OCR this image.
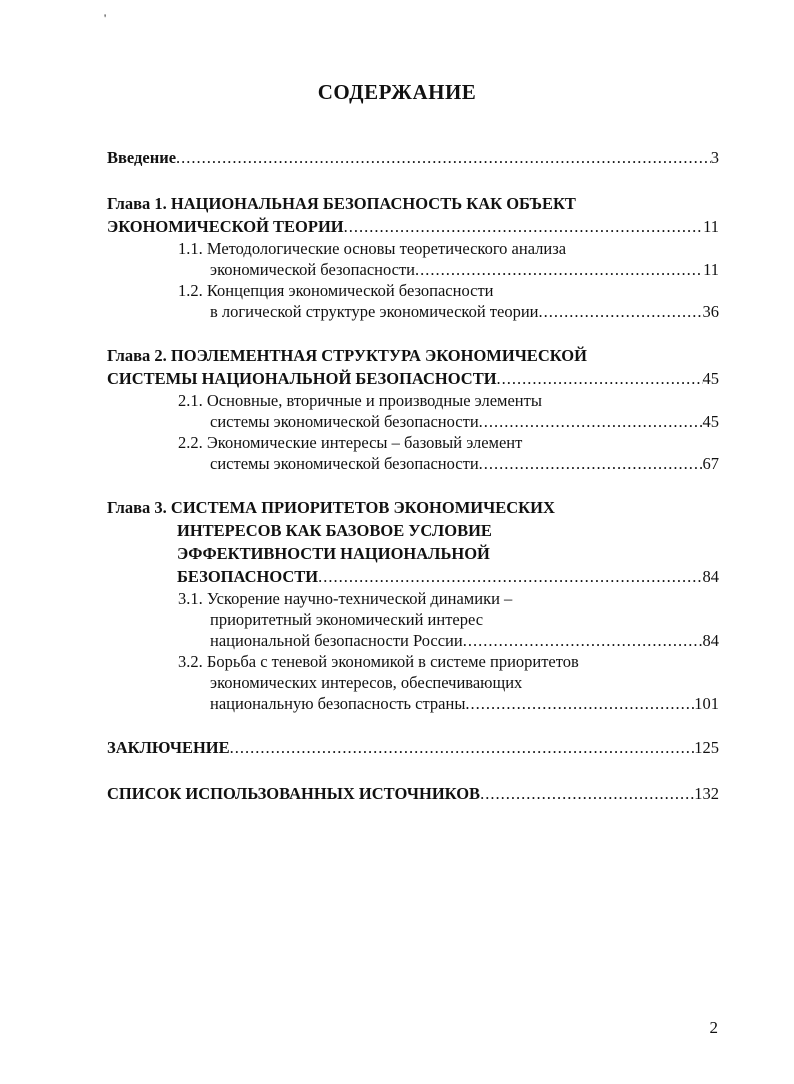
'
СОДЕРЖАНИЕ
Введение .....	3
Глава 1. НАЦИОНАЛЬНАЯ БЕЗОПАСНОСТЬ КАК ОБЪЕКТ
ЭКОНОМИЧЕСКОЙ ТЕОРИИ .....	11
1.1. Методологические основы теоретического анализа
экономической безопасности .....	11
1.2. Концепция экономической безопасности
в логической структуре экономической теории .....	36
Глава 2. ПОЭЛЕМЕНТНАЯ СТРУКТУРА ЭКОНОМИЧЕСКОЙ
СИСТЕМЫ НАЦИОНАЛЬНОЙ БЕЗОПАСНОСТИ .....	45
2.1. Основные, вторичные и производные элементы
системы экономической безопасности .....	45
2.2. Экономические интересы – базовый элемент
системы экономической безопасности .....	67
Глава 3. СИСТЕМА ПРИОРИТЕТОВ ЭКОНОМИЧЕСКИХ
ИНТЕРЕСОВ КАК БАЗОВОЕ УСЛОВИЕ
ЭФФЕКТИВНОСТИ НАЦИОНАЛЬНОЙ
БЕЗОПАСНОСТИ .....	84
3.1. Ускорение научно-технической динамики –
приоритетный экономический интерес
национальной безопасности России .....	84
3.2. Борьба с теневой экономикой в системе приоритетов
экономических интересов, обеспечивающих
национальную безопасность страны .....	101
ЗАКЛЮЧЕНИЕ .....	125
СПИСОК ИСПОЛЬЗОВАННЫХ ИСТОЧНИКОВ .....	132
2
